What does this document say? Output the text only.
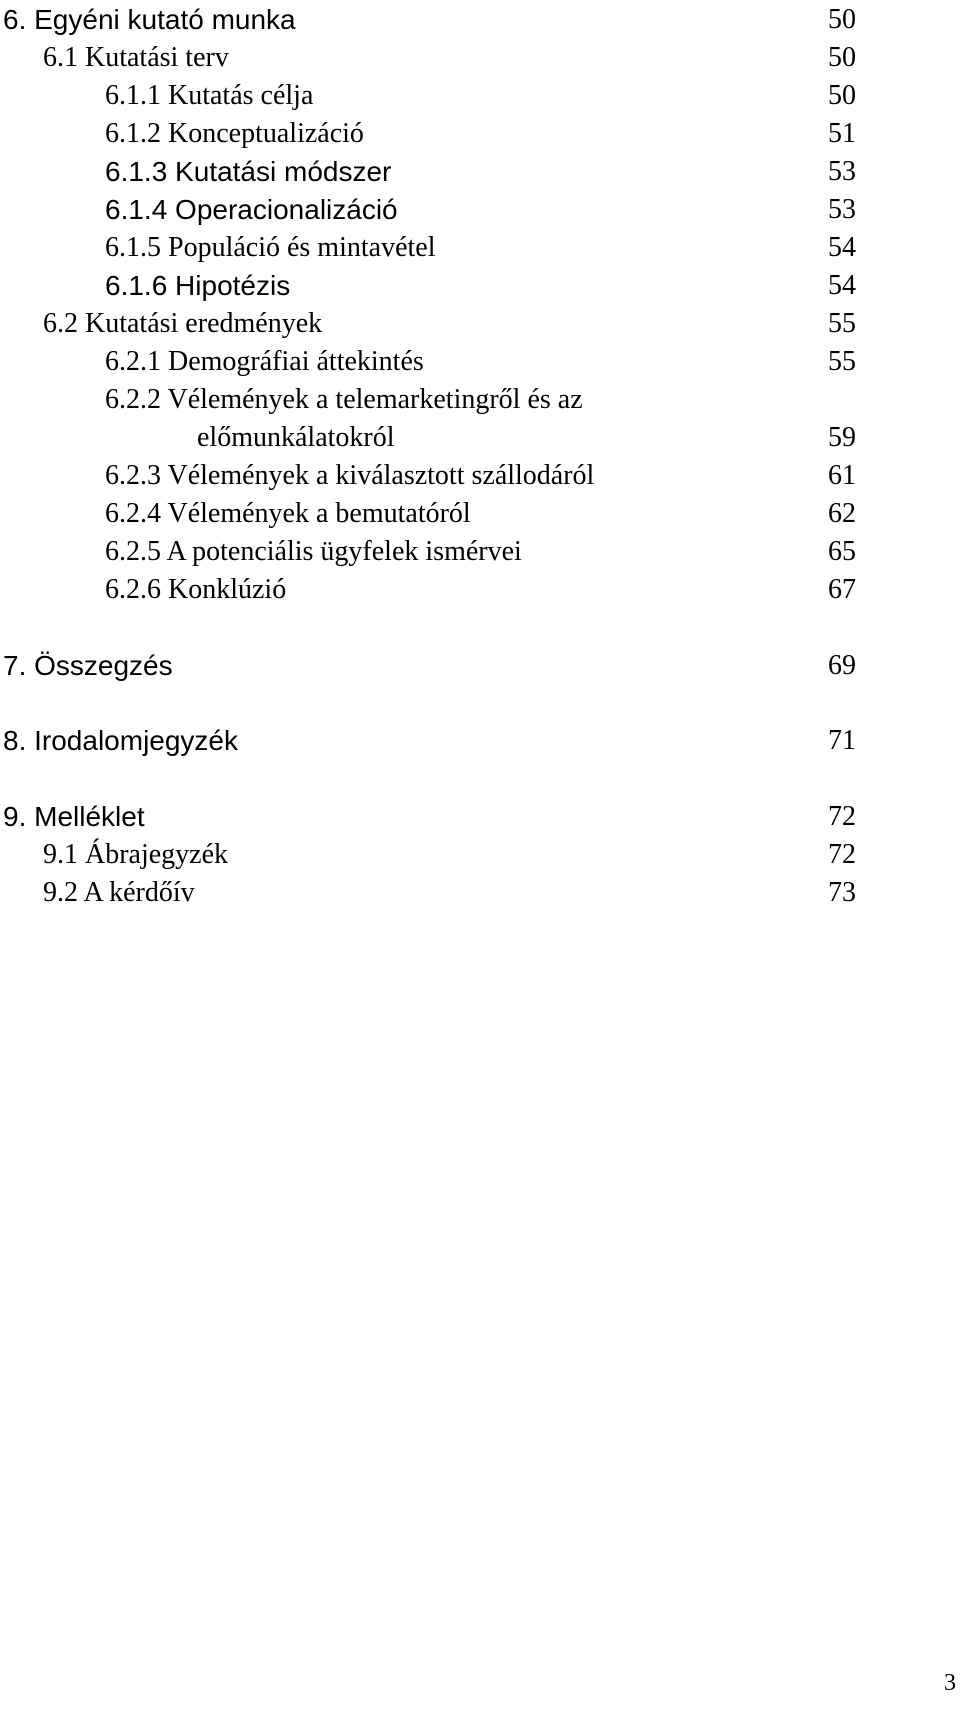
6. Egyéni kutató munka	50
6.1 Kutatási terv	50
6.1.1 Kutatás célja	50
6.1.2 Konceptualizáció	51
6.1.3 Kutatási módszer	53
6.1.4 Operacionalizáció	53
6.1.5 Populáció és mintavétel	54
6.1.6 Hipotézis	54
6.2 Kutatási eredmények	55
6.2.1 Demográfiai áttekintés	55
6.2.2 Vélemények a telemarketingről és az
előmunkálatokról	59
6.2.3 Vélemények a kiválasztott szállodáról	61
6.2.4 Vélemények a bemutatóról	62
6.2.5 A potenciális ügyfelek ismérvei	65
6.2.6 Konklúzió	67
7. Összegzés	69
8. Irodalomjegyzék	71
9. Melléklet	72
9.1 Ábrajegyzék	72
9.2 A kérdőív	73
3
